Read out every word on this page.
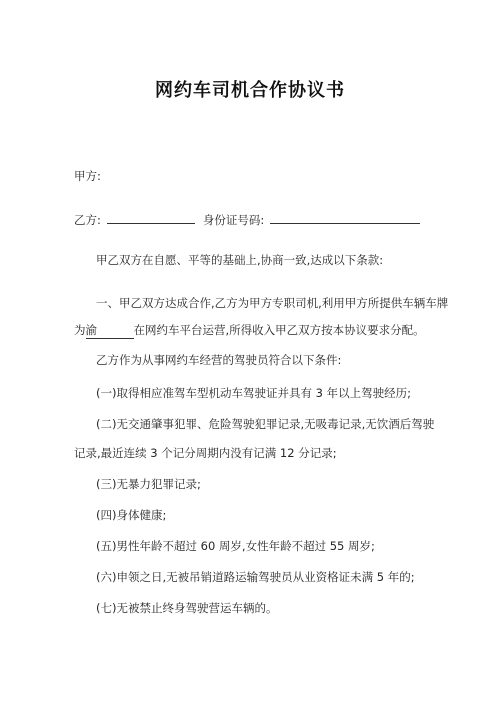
网约车司机合作协议书
甲方:
乙方:	身份证号码:
甲乙双方在自愿、平等的基础上,协商一致,达成以下条款:
一、甲乙双方达成合作,乙方为甲方专职司机,利用甲方所提供车辆车牌
为渝	在网约车平台运营,所得收入甲乙双方按本协议要求分配。
乙方作为从事网约车经营的驾驶员符合以下条件:
(一)取得相应准驾车型机动车驾驶证并具有 3 年以上驾驶经历;
(二)无交通肇事犯罪、危险驾驶犯罪记录,无吸毒记录,无饮酒后驾驶
记录,最近连续 3 个记分周期内没有记满 12 分记录;
(三)无暴力犯罪记录;
(四)身体健康;
(五)男性年龄不超过 60 周岁,女性年龄不超过 55 周岁;
(六)申领之日,无被吊销道路运输驾驶员从业资格证未满 5 年的;
(七)无被禁止终身驾驶营运车辆的。
